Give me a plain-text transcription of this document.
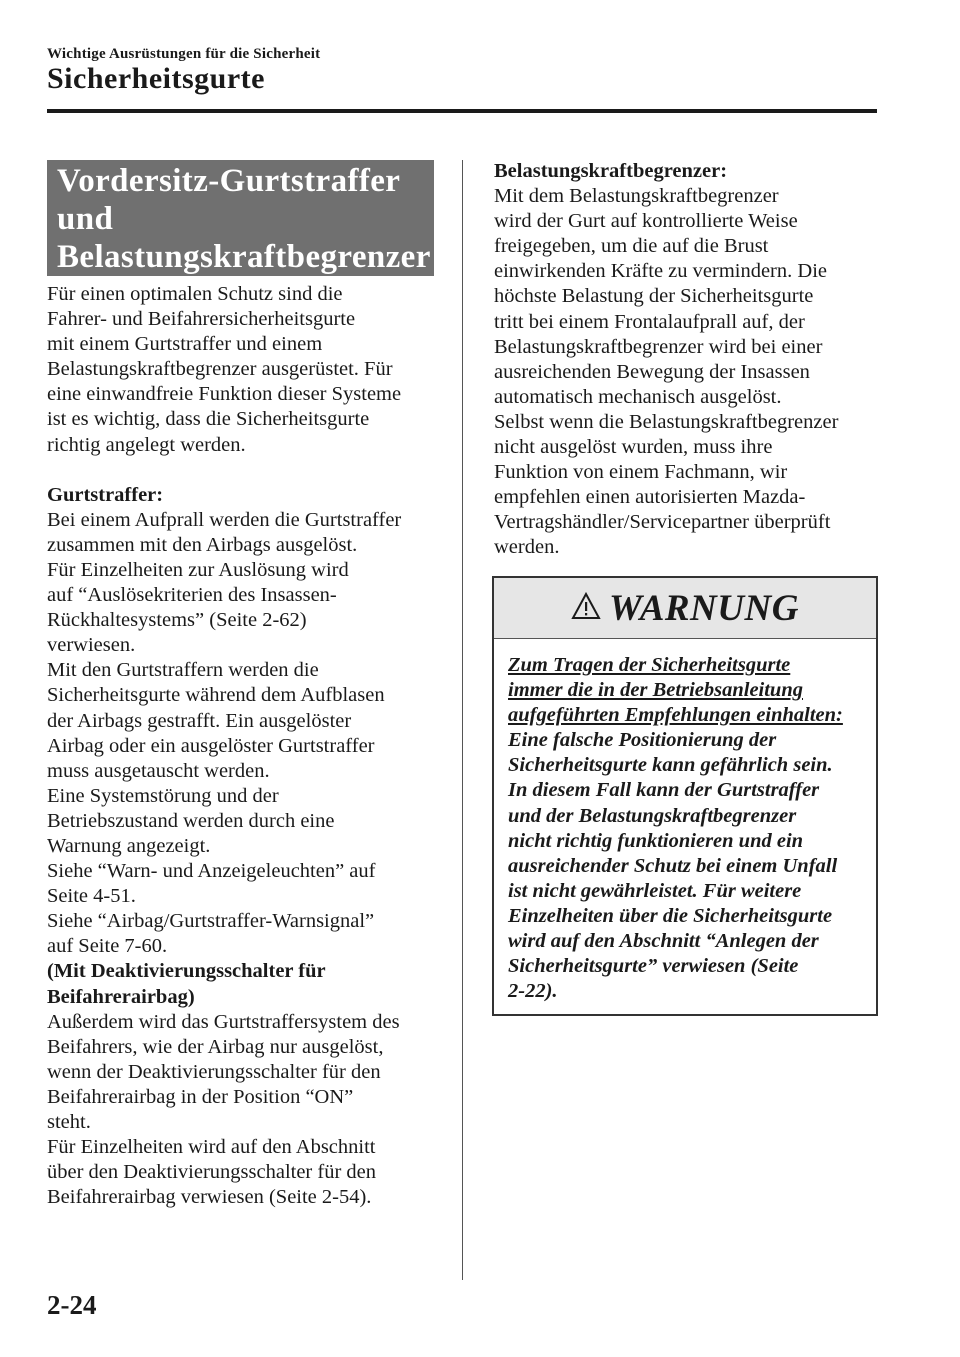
Wichtige Ausrüstungen für die Sicherheit
Sicherheitsgurte
Vordersitz-Gurtstraffer
und
Belastungskraftbegrenzer
Für einen optimalen Schutz sind die
Fahrer- und Beifahrersicherheitsgurte
mit einem Gurtstraffer und einem
Belastungskraftbegrenzer ausgerüstet. Für
eine einwandfreie Funktion dieser Systeme
ist es wichtig, dass die Sicherheitsgurte
richtig angelegt werden.

Gurtstraffer:

Bei einem Aufprall werden die Gurtstraffer
zusammen mit den Airbags ausgelöst.
Für Einzelheiten zur Auslösung wird
auf “Auslösekriterien des Insassen-
Rückhaltesystems” (Seite 2-62)
verwiesen.
Mit den Gurtstraffern werden die
Sicherheitsgurte während dem Aufblasen
der Airbags gestrafft. Ein ausgelöster
Airbag oder ein ausgelöster Gurtstraffer
muss ausgetauscht werden.
Eine Systemstörung und der
Betriebszustand werden durch eine
Warnung angezeigt.
Siehe “Warn- und Anzeigeleuchten” auf
Seite 4-51.
Siehe “Airbag/Gurtstraffer-Warnsignal”
auf Seite 7-60.
(Mit Deaktivierungsschalter für
Beifahrerairbag)
Außerdem wird das Gurtstraffersystem des
Beifahrers, wie der Airbag nur ausgelöst,
wenn der Deaktivierungsschalter für den
Beifahrerairbag in der Position “ON”
steht.
Für Einzelheiten wird auf den Abschnitt
über den Deaktivierungsschalter für den
Beifahrerairbag verwiesen (Seite 2-54).

Belastungskraftbegrenzer:

Mit dem Belastungskraftbegrenzer
wird der Gurt auf kontrollierte Weise
freigegeben, um die auf die Brust
einwirkenden Kräfte zu vermindern. Die
höchste Belastung der Sicherheitsgurte
tritt bei einem Frontalaufprall auf, der
Belastungskraftbegrenzer wird bei einer
ausreichenden Bewegung der Insassen
automatisch mechanisch ausgelöst.
Selbst wenn die Belastungskraftbegrenzer
nicht ausgelöst wurden, muss ihre
Funktion von einem Fachmann, wir
empfehlen einen autorisierten Mazda-
Vertragshändler/Servicepartner überprüft
werden.
WARNUNG
Zum Tragen der Sicherheitsgurte
immer die in der Betriebsanleitung
aufgeführten Empfehlungen einhalten:
Eine falsche Positionierung der
Sicherheitsgurte kann gefährlich sein.
In diesem Fall kann der Gurtstraffer
und der Belastungskraftbegrenzer
nicht richtig funktionieren und ein
ausreichender Schutz bei einem Unfall
ist nicht gewährleistet. Für weitere
Einzelheiten über die Sicherheitsgurte
wird auf den Abschnitt “Anlegen der
Sicherheitsgurte” verwiesen (Seite
2-22).
2-24
